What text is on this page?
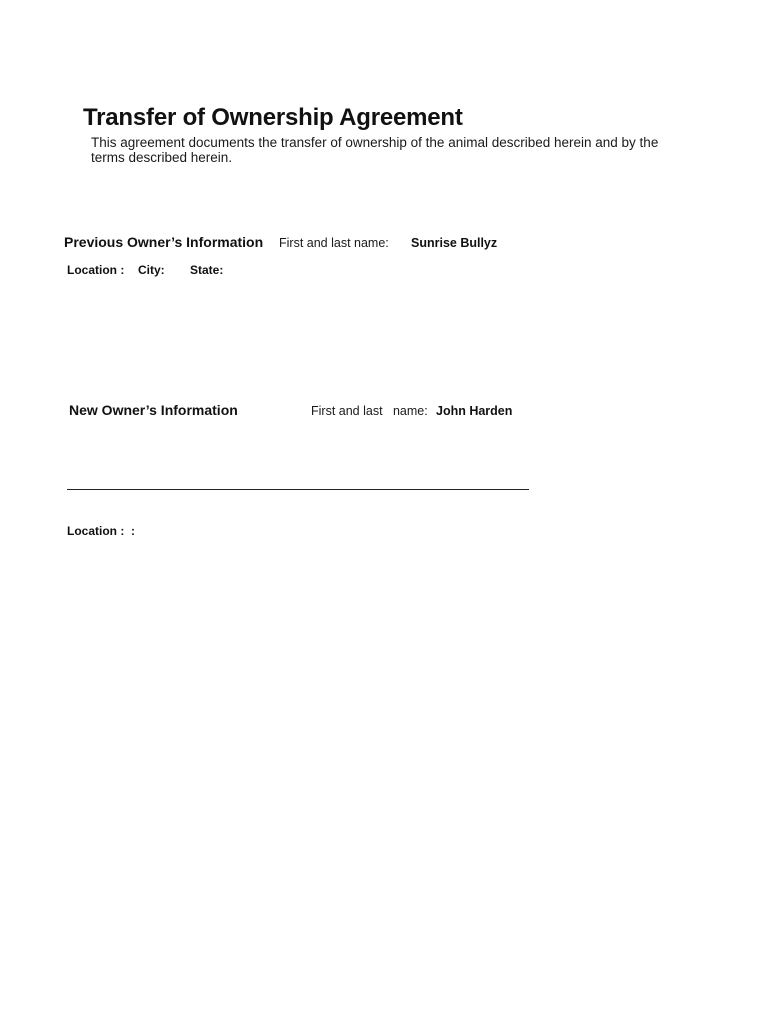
Transfer of Ownership Agreement
This agreement documents the transfer of ownership of the animal described herein and by the terms described herein.
Previous Owner’s Information First and last name: Sunrise Bullyz
Location : City: State:
New Owner’s Information	First and last   name: John Harden
Location :  :
